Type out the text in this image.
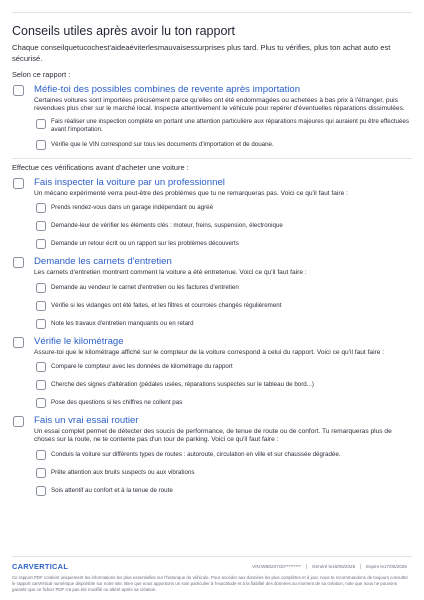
Conseils utiles après avoir lu ton rapport

Chaque conseilquetucochest'aideaéviterlesmauvaisessurprises plus tard. Plus tu vérifies, plus ton achat auto est sécurisé.

Selon ce rapport :

Méfie-toi des possibles combines de revente après importation
Certaines voitures sont importées précisément parce qu'elles ont été endommagées ou achetées à bas prix à l'étranger, puis revendues plus cher sur le marché local. Inspecte attentivement le véhicule pour repérer d'éventuelles réparations dissimulées.
Fais réaliser une inspection complète en portant une attention particulière aux réparations majeures qui auraient pu être effectuées avant l'importation.
Vérifie que le VIN correspond sur tous les documents d'importation et de douane.

Effectue ces vérifications avant d'acheter une voiture :

Fais inspecter la voiture par un professionnel
Un mécano expérimenté verra peut-être des problèmes que tu ne remarqueras pas. Voici ce qu'il faut faire :
Prends rendez-vous dans un garage indépendant ou agréé
Demande-leur de vérifier les éléments clés : moteur, freins, suspension, électronique
Demande un retour écrit ou un rapport sur les problèmes découverts
Demande les carnets d'entretien
Les carnets d'entretien montrent comment la voiture a été entretenue. Voici ce qu'il faut faire :
Demande au vendeur le carnet d'entretien ou les factures d'entretien
Vérifie si les vidanges ont été faites, et les filtres et courroies changés régulièrement
Note les travaux d'entretien manquants ou en retard
Vérifie le kilométrage
Assure-toi que le kilométrage affiché sur le compteur de la voiture correspond à celui du rapport. Voici ce qu'il faut faire :
Compare le compteur avec les données de kilométrage du rapport
Cherche des signes d'altération (pédales usées, réparations suspectes sur le tableau de bord...)
Pose des questions si les chiffres ne collent pas
Fais un vrai essai routier
Un essai complet permet de détecter des soucis de performance, de tenue de route ou de confort. Tu remarqueras plus de choses sur la route, ne te contente pas d'un tour de parking. Voici ce qu'il faut faire :
Conduis la voiture sur différents types de routes : autoroute, circulation en ville et sur chaussée dégradée.
Prête attention aux bruits suspects ou aux vibrations
Sois attentif au confort et à la tenue de route
CARVERTICAL	VIN:WB0207G0*********	Généré le16/05/2026	Expire le17/06/2026

Ce rapport PDF contient uniquement les informations les plus essentielles sur l'historique du véhicule. Pour accéder aux données les plus complètes et à jour, nous te recommandons de toujours consulter le rapport carVertical numérique disponible sur notre site. Bien que nous apportions un soin particulier à l'exactitude et à la fiabilité des données au moment de sa création, note que nous ne pouvons garantir que ce fichier PDF n'a pas été modifié ou altéré après sa création.
